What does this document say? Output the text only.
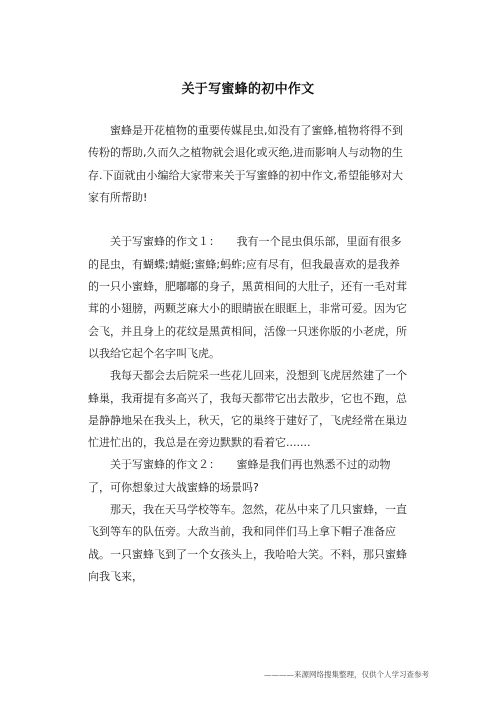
关于写蜜蜂的初中作文

蜜蜂是开花植物的重要传媒昆虫,如没有了蜜蜂,植物将得不到传粉的帮助,久而久之植物就会退化或灭绝,进而影响人与动物的生存.下面就由小编给大家带来关于写蜜蜂的初中作文,希望能够对大家有所帮助!

关于写蜜蜂的作文１：　　我有一个昆虫俱乐部，里面有很多的昆虫，有蝴蝶;蜻蜓;蜜蜂;蚂蚱;应有尽有，但我最喜欢的是我养的一只小蜜蜂，肥嘟嘟的身子，黑黄相间的大肚子，还有一毛对茸茸的小翅膀，两颗芝麻大小的眼睛嵌在眼眶上，非常可爱。因为它会飞，并且身上的花纹是黑黄相间，活像一只迷你版的小老虎，所以我给它起个名字叫飞虎。

我每天都会去后院采一些花儿回来，没想到飞虎居然建了一个蜂巢，我甭提有多高兴了，我每天都带它出去散步，它也不跑，总是静静地呆在我头上，秋天，它的巢终于建好了，飞虎经常在巢边忙进忙出的，我总是在旁边默默的看着它.......

关于写蜜蜂的作文２：　　蜜蜂是我们再也熟悉不过的动物了，可你想象过大战蜜蜂的场景吗?

那天，我在天马学校等车。忽然，花丛中来了几只蜜蜂，一直飞到等车的队伍旁。大敌当前，我和同伴们马上拿下帽子准备应战。一只蜜蜂飞到了一个女孩头上，我哈哈大笑。不料，那只蜜蜂向我飞来，

————来源网络搜集整理，仅供个人学习查参考
